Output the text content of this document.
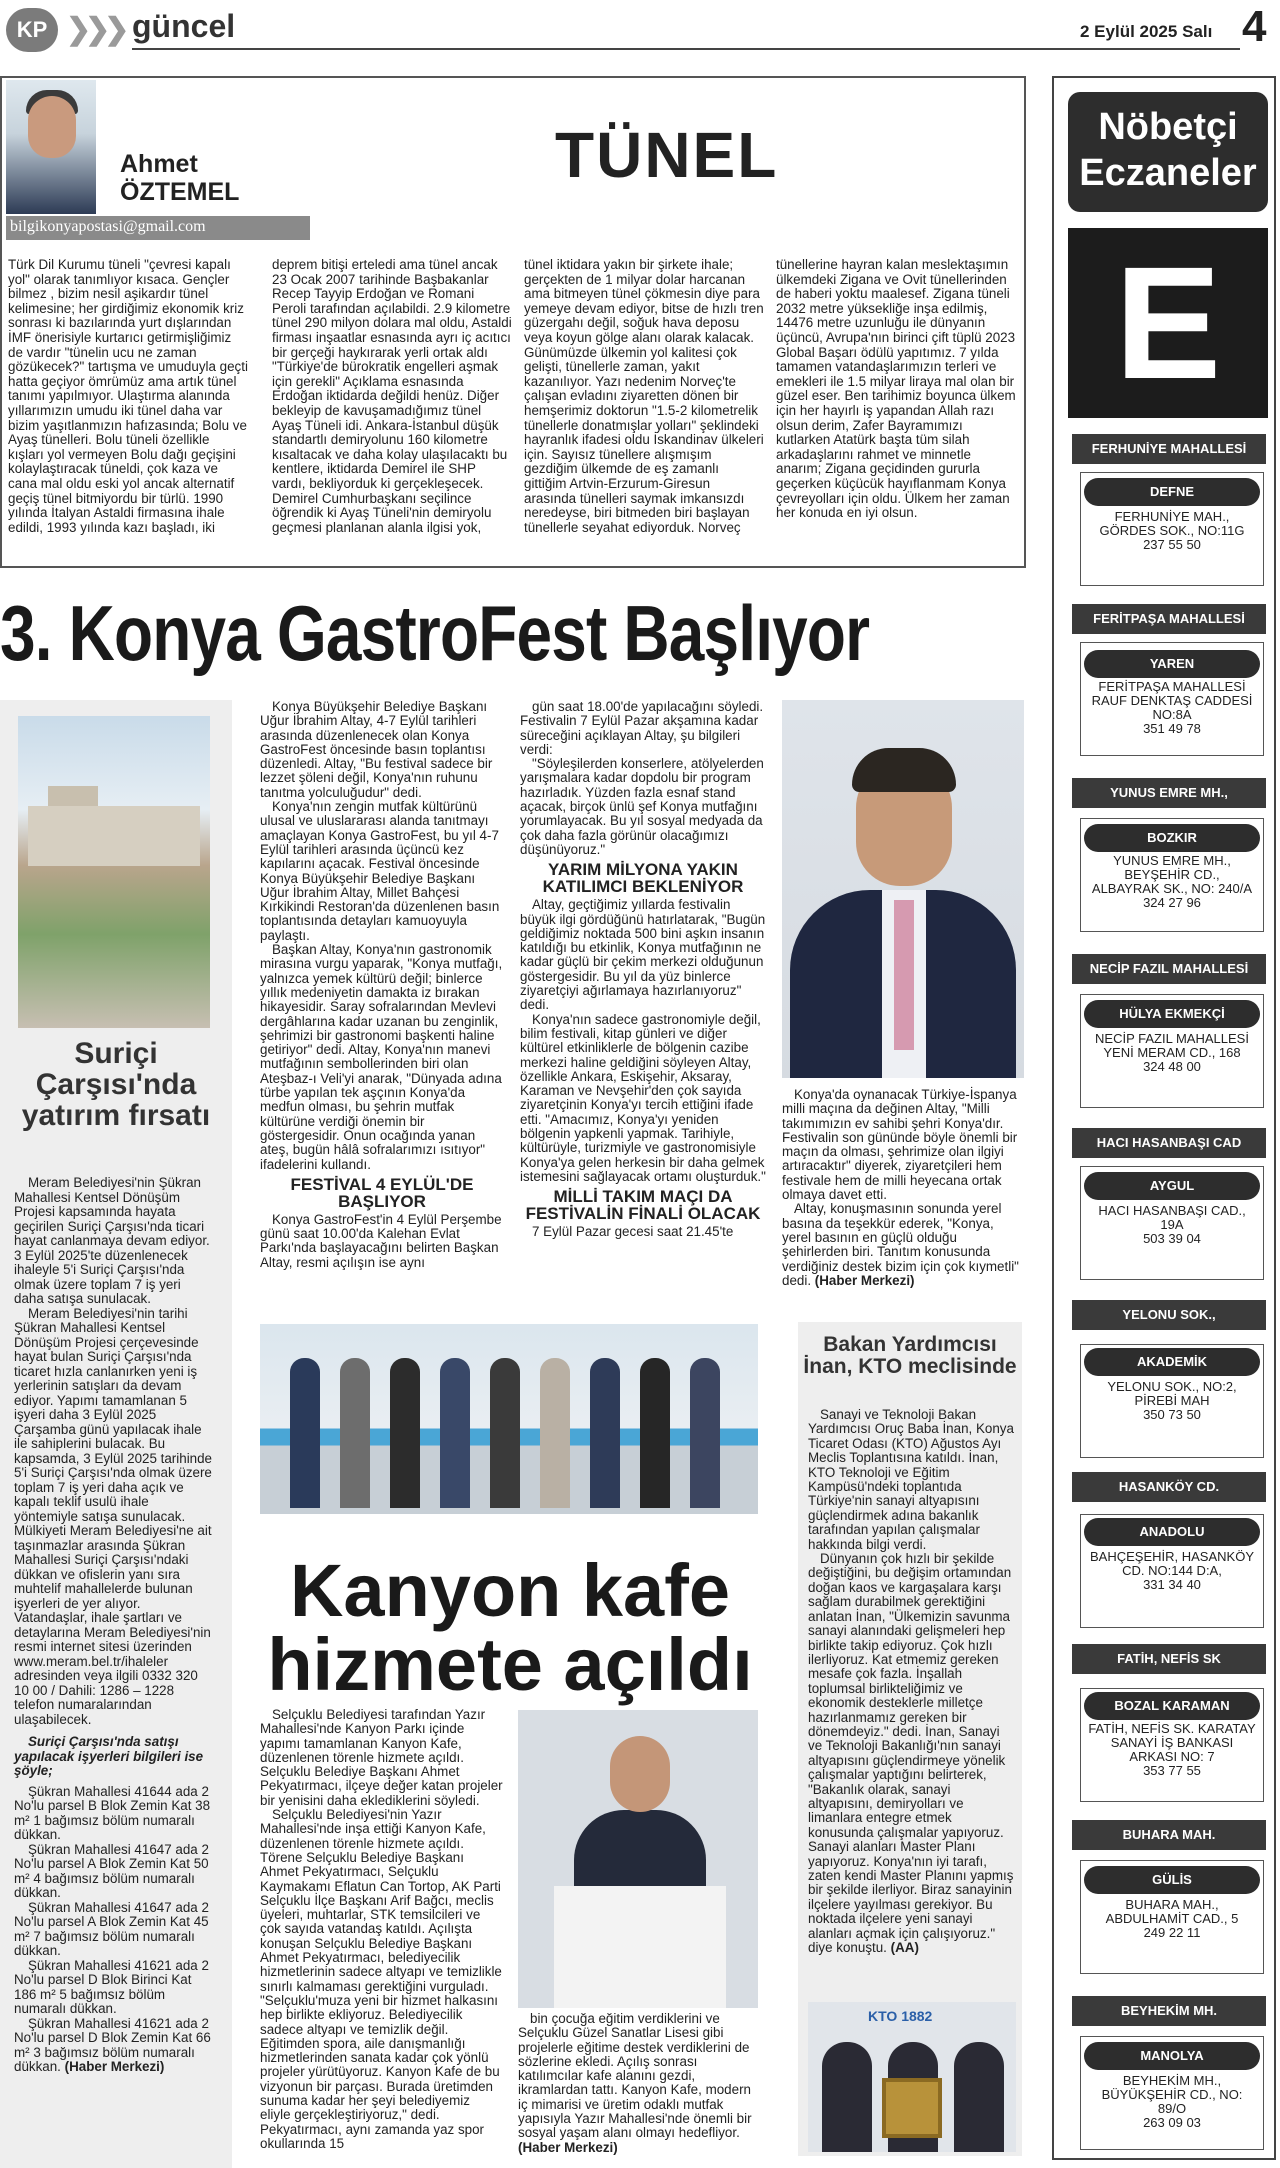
KP ❯❯❯ güncel	2 Eylül 2025 Salı 4
Ahmet
ÖZTEMEL
bilgikonyapostasi@gmail.com
TÜNEL
Türk Dil Kurumu tüneli "çevresi kapalı yol" olarak tanımlıyor kısaca. Gençler bilmez , bizim nesil aşikardır tünel kelimesine; her girdiğimiz ekonomik kriz sonrası ki bazılarında yurt dışlarından İMF önerisiyle kurtarıcı getirmişliğimiz de vardır "tünelin ucu ne zaman gözükecek?" tartışma ve umuduyla geçti hatta geçiyor ömrümüz ama artık tünel tanımı yapılmıyor. Ulaştırma alanında yıllarımızın umudu iki tünel daha var bizim yaşıtlanmızın hafızasında; Bolu ve Ayaş tünelleri. Bolu tüneli özellikle kışları yol vermeyen Bolu dağı geçişini kolaylaştıracak tüneldi, çok kaza ve cana mal oldu eski yol ancak alternatif geçiş tünel bitmiyordu bir türlü. 1990 yılında İtalyan Astaldi firmasına ihale edildi, 1993 yılında kazı başladı, iki
deprem bitişi erteledi ama tünel ancak 23 Ocak 2007 tarihinde Başbakanlar Recep Tayyip Erdoğan ve Romani Peroli tarafından açılabildi. 2.9 kilometre tünel 290 milyon dolara mal oldu, Astaldi firması inşaatlar esnasında ayrı iç acıtıcı bir gerçeği haykırarak yerli ortak aldı "Türkiye'de bürokratik engelleri aşmak için gerekli" Açıklama esnasında Erdoğan iktidarda değildi henüz. Diğer bekleyip de kavuşamadığımız tünel Ayaş Tüneli idi. Ankara-İstanbul düşük standartlı demiryolunu 160 kilometre kısaltacak ve daha kolay ulaşılacaktı bu kentlere, iktidarda Demirel ile SHP vardı, bekliyorduk ki gerçekleşecek. Demirel Cumhurbaşkanı seçilince öğrendik ki Ayaş Tüneli'nin demiryolu geçmesi planlanan alanla ilgisi yok,
tünel iktidara yakın bir şirkete ihale; gerçekten de 1 milyar dolar harcanan ama bitmeyen tünel çökmesin diye para yemeye devam ediyor, bitse de hızlı tren güzergahı değil, soğuk hava deposu veya koyun gölge alanı olarak kalacak. Günümüzde ülkemin yol kalitesi çok gelişti, tünellerle zaman, yakıt kazanılıyor. Yazı nedenim Norveç'te çalışan evladını ziyaretten dönen bir hemşerimiz doktorun "1.5-2 kilometrelik tünellerle donatmışlar yolları" şeklindeki hayranlık ifadesi oldu İskandinav ülkeleri için. Sayısız tünellere alışmışım gezdiğim ülkemde de eş zamanlı gittiğim Artvin-Erzurum-Giresun arasında tünelleri saymak imkansızdı neredeyse, biri bitmeden biri başlayan tünellerle seyahat ediyorduk. Norveç
tünellerine hayran kalan meslektaşımın ülkemdeki Zigana ve Ovit tünellerinden de haberi yoktu maalesef. Zigana tüneli 2032 metre yüksekliğe inşa edilmiş, 14476 metre uzunluğu ile dünyanın üçüncü, Avrupa'nın birinci çift tüplü 2023 Global Başarı ödülü yapıtımız. 7 yılda tamamen vatandaşlarımızın terleri ve emekleri ile 1.5 milyar liraya mal olan bir güzel eser. Ben tarihimiz boyunca ülkem için her hayırlı iş yapandan Allah razı olsun derim, Zafer Bayramımızı kutlarken Atatürk başta tüm silah arkadaşlarını rahmet ve minnetle anarım; Zigana geçidinden gururla geçerken küçücük hayıflanmam Konya çevreyolları için oldu. Ülkem her zaman her konuda en iyi olsun.
Nöbetçi
Eczaneler
E
FERHUNİYE MAHALLESİ
DEFNE
FERHUNİYE MAH.,
GÖRDES SOK., NO:11G
237 55 50
FERİTPAŞA MAHALLESİ
YAREN
FERİTPAŞA MAHALLESİ
RAUF DENKTAŞ CADDESİ
NO:8A
351 49 78
YUNUS EMRE MH.,
BOZKIR
YUNUS EMRE MH.,
BEYŞEHİR CD.,
ALBAYRAK SK., NO: 240/A
324 27 96
NECİP FAZIL MAHALLESİ
HÜLYA EKMEKÇİ
NECİP FAZIL MAHALLESİ
YENİ MERAM CD., 168
324 48 00
HACI HASANBAŞI CAD
AYGUL
HACI HASANBAŞI CAD.,
19A
503 39 04
YELONU SOK.,
AKADEMİK
YELONU SOK., NO:2,
PİREBİ MAH
350 73 50
HASANKÖY CD.
ANADOLU
BAHÇEŞEHİR, HASANKÖY
CD. NO:144 D:A,
331 34 40
FATİH, NEFİS SK
BOZAL KARAMAN
FATİH, NEFİS SK. KARATAY
SANAYİ İŞ BANKASI
ARKASI NO: 7
353 77 55
BUHARA MAH.
GÜLİS
BUHARA MAH.,
ABDULHAMİT CAD., 5
249 22 11
BEYHEKİM MH.
MANOLYA
BEYHEKİM MH.,
BÜYÜKŞEHİR CD., NO:
89/O
263 09 03
3. Konya GastroFest Başlıyor
Suriçi Çarşısı'nda yatırım fırsatı

Meram Belediyesi'nin Şükran Mahallesi Kentsel Dönüşüm Projesi kapsamında hayata geçirilen Suriçi Çarşısı'nda ticari hayat canlanmaya devam ediyor. 3 Eylül 2025'te düzenlenecek ihaleyle 5'i Suriçi Çarşısı'nda olmak üzere toplam 7 iş yeri daha satışa sunulacak.

Meram Belediyesi'nin tarihi Şükran Mahallesi Kentsel Dönüşüm Projesi çerçevesinde hayat bulan Suriçi Çarşısı'nda ticaret hızla canlanırken yeni iş yerlerinin satışları da devam ediyor. Yapımı tamamlanan 5 işyeri daha 3 Eylül 2025 Çarşamba günü yapılacak ihale ile sahiplerini bulacak. Bu kapsamda, 3 Eylül 2025 tarihinde 5'i Suriçi Çarşısı'nda olmak üzere toplam 7 iş yeri daha açık ve kapalı teklif usulü ihale yöntemiyle satışa sunulacak. Mülkiyeti Meram Belediyesi'ne ait taşınmazlar arasında Şükran Mahallesi Suriçi Çarşısı'ndaki dükkan ve ofislerin yanı sıra muhtelif mahallelerde bulunan işyerleri de yer alıyor. Vatandaşlar, ihale şartları ve detaylarına Meram Belediyesi'nin resmi internet sitesi üzerinden www.meram.bel.tr/ihaleler adresinden veya ilgili 0332 320 10 00 / Dahili: 1286 – 1228 telefon numaralarından ulaşabilecek.

Suriçi Çarşısı'nda satışı yapılacak işyerleri bilgileri ise şöyle;

Şükran Mahallesi 41644 ada 2 No'lu parsel B Blok Zemin Kat 38 m² 1 bağımsız bölüm numaralı dükkan.

Şükran Mahallesi 41647 ada 2 No'lu parsel A Blok Zemin Kat 50 m² 4 bağımsız bölüm numaralı dükkan.

Şükran Mahallesi 41647 ada 2 No'lu parsel A Blok Zemin Kat 45 m² 7 bağımsız bölüm numaralı dükkan.

Şükran Mahallesi 41621 ada 2 No'lu parsel D Blok Birinci Kat 186 m² 5 bağımsız bölüm numaralı dükkan.

Şükran Mahallesi 41621 ada 2 No'lu parsel D Blok Zemin Kat 66 m² 3 bağımsız bölüm numaralı dükkan. (Haber Merkezi)

Konya Büyükşehir Belediye Başkanı Uğur İbrahim Altay, 4-7 Eylül tarihleri arasında düzenlenecek olan Konya GastroFest öncesinde basın toplantısı düzenledi. Altay, "Bu festival sadece bir lezzet şöleni değil, Konya'nın ruhunu tanıtma yolculuğudur" dedi.

Konya'nın zengin mutfak kültürünü ulusal ve uluslararası alanda tanıtmayı amaçlayan Konya GastroFest, bu yıl 4-7 Eylül tarihleri arasında üçüncü kez kapılarını açacak. Festival öncesinde Konya Büyükşehir Belediye Başkanı Uğur İbrahim Altay, Millet Bahçesi Kırkikindi Restoran'da düzenlenen basın toplantısında detayları kamuoyuyla paylaştı.

Başkan Altay, Konya'nın gastronomik mirasına vurgu yaparak, "Konya mutfağı, yalnızca yemek kültürü değil; binlerce yıllık medeniyetin damakta iz bırakan hikayesidir. Saray sofralarından Mevlevi dergâhlarına kadar uzanan bu zenginlik, şehrimizi bir gastronomi başkenti haline getiriyor" dedi. Altay, Konya'nın manevi mutfağının sembollerinden biri olan Ateşbaz-ı Veli'yi anarak, "Dünyada adına türbe yapılan tek aşçının Konya'da medfun olması, bu şehrin mutfak kültürüne verdiği önemin bir göstergesidir. Onun ocağında yanan ateş, bugün hâlâ sofralarımızı ısıtıyor" ifadelerini kullandı.

FESTİVAL 4 EYLÜL'DE BAŞLIYOR

Konya GastroFest'in 4 Eylül Perşembe günü saat 10.00'da Kalehan Evlat Parkı'nda başlayacağını belirten Başkan Altay, resmi açılışın ise aynı

gün saat 18.00'de yapılacağını söyledi. Festivalin 7 Eylül Pazar akşamına kadar süreceğini açıklayan Altay, şu bilgileri verdi:

"Söyleşilerden konserlere, atölyelerden yarışmalara kadar dopdolu bir program hazırladık. Yüzden fazla esnaf stand açacak, birçok ünlü şef Konya mutfağını yorumlayacak. Bu yıl sosyal medyada da çok daha fazla görünür olacağımızı düşünüyoruz."

YARIM MİLYONA YAKIN KATILIMCI BEKLENİYOR

Altay, geçtiğimiz yıllarda festivalin büyük ilgi gördüğünü hatırlatarak, "Bugün geldiğimiz noktada 500 bini aşkın insanın katıldığı bu etkinlik, Konya mutfağının ne kadar güçlü bir çekim merkezi olduğunun göstergesidir. Bu yıl da yüz binlerce ziyaretçiyi ağırlamaya hazırlanıyoruz" dedi.

Konya'nın sadece gastronomiyle değil, bilim festivali, kitap günleri ve diğer kültürel etkinliklerle de bölgenin cazibe merkezi haline geldiğini söyleyen Altay, özellikle Ankara, Eskişehir, Aksaray, Karaman ve Nevşehir'den çok sayıda ziyaretçinin Konya'yı tercih ettiğini ifade etti. "Amacımız, Konya'yı yeniden bölgenin yapkenli yapmak. Tarihiyle, kültürüyle, turizmiyle ve gastronomisiyle Konya'ya gelen herkesin bir daha gelmek istemesini sağlayacak ortamı oluşturduk."

MİLLİ TAKIM MAÇI DA FESTİVALİN FİNALİ OLACAK

7 Eylül Pazar gecesi saat 21.45'te

Konya'da oynanacak Türkiye-İspanya milli maçına da değinen Altay, "Milli takımımızın ev sahibi şehri Konya'dır. Festivalin son gününde böyle önemli bir maçın da olması, şehrimize olan ilgiyi artıracaktır" diyerek, ziyaretçileri hem festivale hem de milli heyecana ortak olmaya davet etti.

Altay, konuşmasının sonunda yerel basına da teşekkür ederek, "Konya, yerel basının en güçlü olduğu şehirlerden biri. Tanıtım konusunda verdiğiniz destek bizim için çok kıymetli" dedi. (Haber Merkezi)

Kanyon kafe
hizmete açıldı

Selçuklu Belediyesi tarafından Yazır Mahallesi'nde Kanyon Parkı içinde yapımı tamamlanan Kanyon Kafe, düzenlenen törenle hizmete açıldı. Selçuklu Belediye Başkanı Ahmet Pekyatırmacı, ilçeye değer katan projeler bir yenisini daha eklediklerini söyledi.

Selçuklu Belediyesi'nin Yazır Mahallesi'nde inşa ettiği Kanyon Kafe, düzenlenen törenle hizmete açıldı. Törene Selçuklu Belediye Başkanı Ahmet Pekyatırmacı, Selçuklu Kaymakamı Eflatun Can Tortop, AK Parti Selçuklu İlçe Başkanı Arif Bağcı, meclis üyeleri, muhtarlar, STK temsilcileri ve çok sayıda vatandaş katıldı. Açılışta konuşan Selçuklu Belediye Başkanı Ahmet Pekyatırmacı, belediyecilik hizmetlerinin sadece altyapı ve temizlikle sınırlı kalmaması gerektiğini vurguladı. "Selçuklu'muza yeni bir hizmet halkasını hep birlikte ekliyoruz. Belediyecilik sadece altyapı ve temizlik değil. Eğitimden spora, aile danışmanlığı hizmetlerinden sanata kadar çok yönlü projeler yürütüyoruz. Kanyon Kafe de bu vizyonun bir parçası. Burada üretimden sunuma kadar her şeyi belediyemiz eliyle gerçekleştiriyoruz," dedi. Pekyatırmacı, aynı zamanda yaz spor okullarında 15

bin çocuğa eğitim verdiklerini ve Selçuklu Güzel Sanatlar Lisesi gibi projelerle eğitime destek verdiklerini de sözlerine ekledi. Açılış sonrası katılımcılar kafe alanını gezdi, ikramlardan tattı. Kanyon Kafe, modern iç mimarisi ve üretim odaklı mutfak yapısıyla Yazır Mahallesi'nde önemli bir sosyal yaşam alanı olmayı hedefliyor. (Haber Merkezi)

Bakan Yardımcısı İnan, KTO meclisinde

Sanayi ve Teknoloji Bakan Yardımcısı Oruç Baba İnan, Konya Ticaret Odası (KTO) Ağustos Ayı Meclis Toplantısına katıldı. İnan, KTO Teknoloji ve Eğitim Kampüsü'ndeki toplantıda Türkiye'nin sanayi altyapısını güçlendirmek adına bakanlık tarafından yapılan çalışmalar hakkında bilgi verdi.

Dünyanın çok hızlı bir şekilde değiştiğini, bu değişim ortamından doğan kaos ve kargaşalara karşı sağlam durabilmek gerektiğini anlatan İnan, "Ülkemizin savunma sanayi alanındaki gelişmeleri hep birlikte takip ediyoruz. Çok hızlı ilerliyoruz. Kat etmemiz gereken mesafe çok fazla. İnşallah toplumsal birlikteliğimiz ve ekonomik desteklerle milletçe hazırlanmamız gereken bir dönemdeyiz." dedi. İnan, Sanayi ve Teknoloji Bakanlığı'nın sanayi altyapısını güçlendirmeye yönelik çalışmalar yaptığını belirterek, "Bakanlık olarak, sanayi altyapısını, demiryolları ve limanlara entegre etmek konusunda çalışmalar yapıyoruz. Sanayi alanları Master Planı yapıyoruz. Konya'nın iyi tarafı, zaten kendi Master Planını yapmış bir şekilde ilerliyor. Biraz sanayinin ilçelere yayılması gerekiyor. Bu noktada ilçelere yeni sanayi alanları açmak için çalışıyoruz." diye konuştu. (AA)

KTO 1882
